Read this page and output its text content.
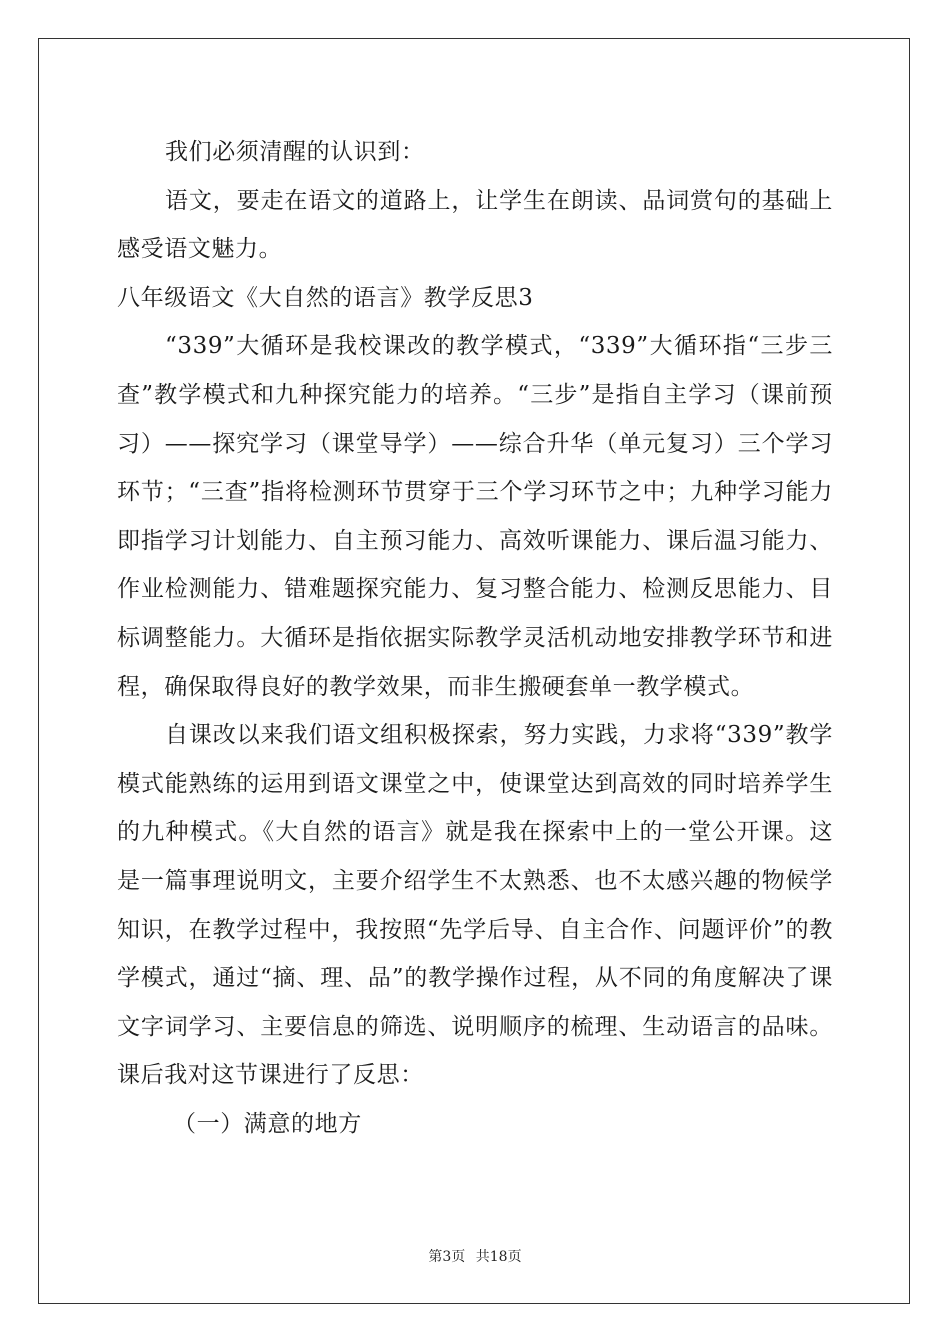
我们必须清醒的认识到：

语文，要走在语文的道路上，让学生在朗读、品词赏句的基础上感受语文魅力。

八年级语文《大自然的语言》教学反思3

“339”大循环是我校课改的教学模式，“339”大循环指“三步三查”教学模式和九种探究能力的培养。“三步”是指自主学习（课前预习）——探究学习（课堂导学）——综合升华（单元复习）三个学习环节；“三查”指将检测环节贯穿于三个学习环节之中；九种学习能力即指学习计划能力、自主预习能力、高效听课能力、课后温习能力、作业检测能力、错难题探究能力、复习整合能力、检测反思能力、目标调整能力。大循环是指依据实际教学灵活机动地安排教学环节和进程，确保取得良好的教学效果，而非生搬硬套单一教学模式。

自课改以来我们语文组积极探索，努力实践，力求将“339”教学模式能熟练的运用到语文课堂之中，使课堂达到高效的同时培养学生的九种模式。《大自然的语言》就是我在探索中上的一堂公开课。这是一篇事理说明文，主要介绍学生不太熟悉、也不太感兴趣的物候学知识，在教学过程中，我按照“先学后导、自主合作、问题评价”的教学模式，通过“摘、理、品”的教学操作过程，从不同的角度解决了课文字词学习、主要信息的筛选、说明顺序的梳理、生动语言的品味。课后我对这节课进行了反思：

（一）满意的地方

第3页 共18页
